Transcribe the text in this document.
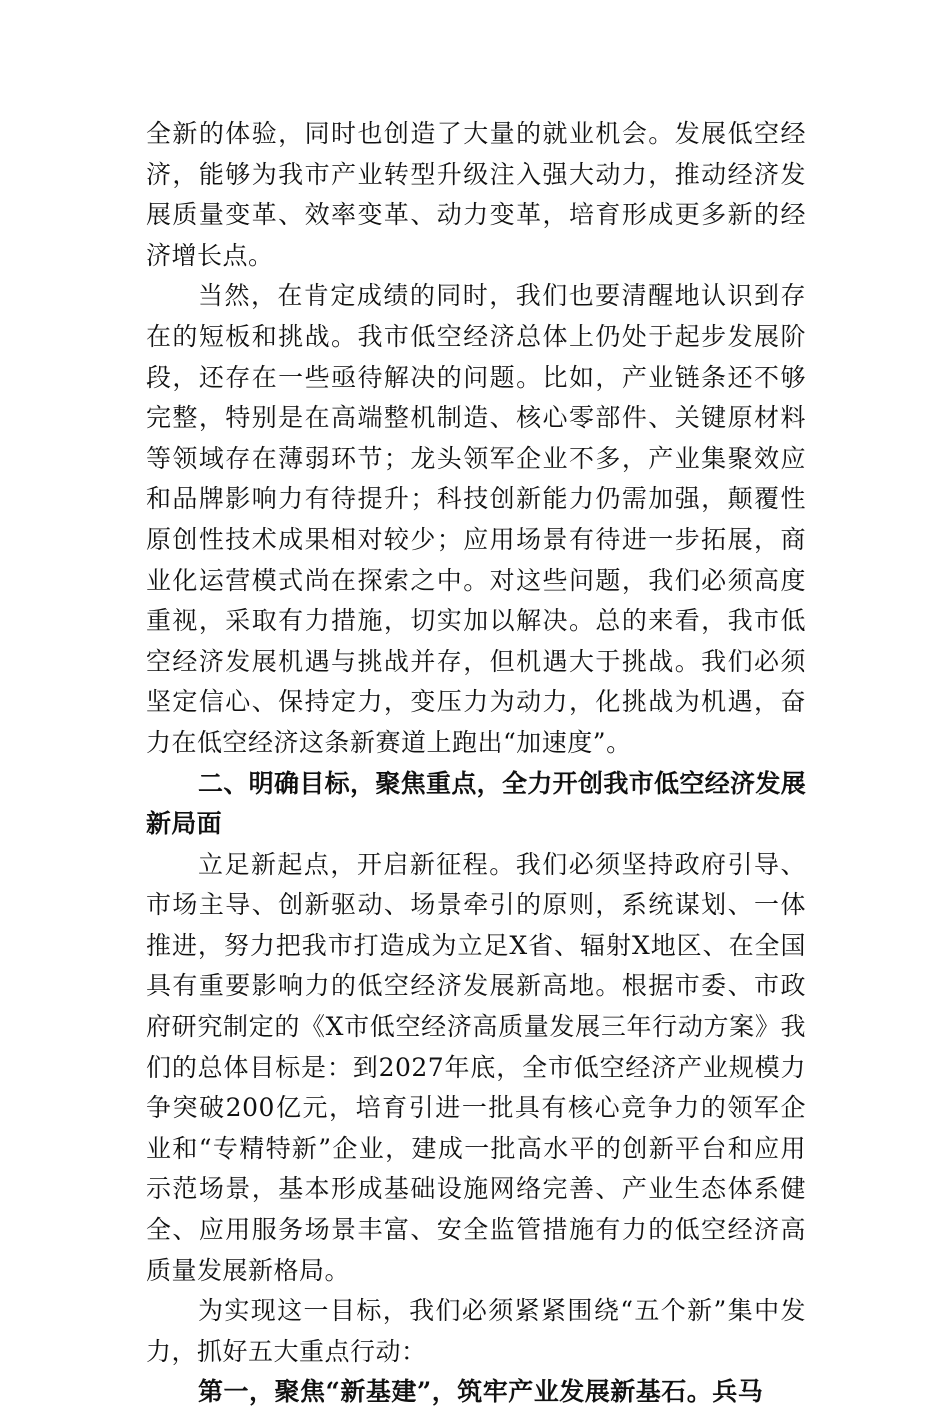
全新的体验，同时也创造了大量的就业机会。发展低空经济，能够为我市产业转型升级注入强大动力，推动经济发展质量变革、效率变革、动力变革，培育形成更多新的经济增长点。

当然，在肯定成绩的同时，我们也要清醒地认识到存在的短板和挑战。我市低空经济总体上仍处于起步发展阶段，还存在一些亟待解决的问题。比如，产业链条还不够完整，特别是在高端整机制造、核心零部件、关键原材料等领域存在薄弱环节；龙头领军企业不多，产业集聚效应和品牌影响力有待提升；科技创新能力仍需加强，颠覆性原创性技术成果相对较少；应用场景有待进一步拓展，商业化运营模式尚在探索之中。对这些问题，我们必须高度重视，采取有力措施，切实加以解决。总的来看，我市低空经济发展机遇与挑战并存，但机遇大于挑战。我们必须坚定信心、保持定力，变压力为动力，化挑战为机遇，奋力在低空经济这条新赛道上跑出“加速度”。

二、明确目标，聚焦重点，全力开创我市低空经济发展新局面

立足新起点，开启新征程。我们必须坚持政府引导、市场主导、创新驱动、场景牵引的原则，系统谋划、一体推进，努力把我市打造成为立足X省、辐射X地区、在全国具有重要影响力的低空经济发展新高地。根据市委、市政府研究制定的《X市低空经济高质量发展三年行动方案》我们的总体目标是：到2027年底，全市低空经济产业规模力争突破200亿元，培育引进一批具有核心竞争力的领军企业和“专精特新”企业，建成一批高水平的创新平台和应用示范场景，基本形成基础设施网络完善、产业生态体系健全、应用服务场景丰富、安全监管措施有力的低空经济高质量发展新格局。

为实现这一目标，我们必须紧紧围绕“五个新”集中发力，抓好五大重点行动：

第一，聚焦“新基建”，筑牢产业发展新基石。兵马
